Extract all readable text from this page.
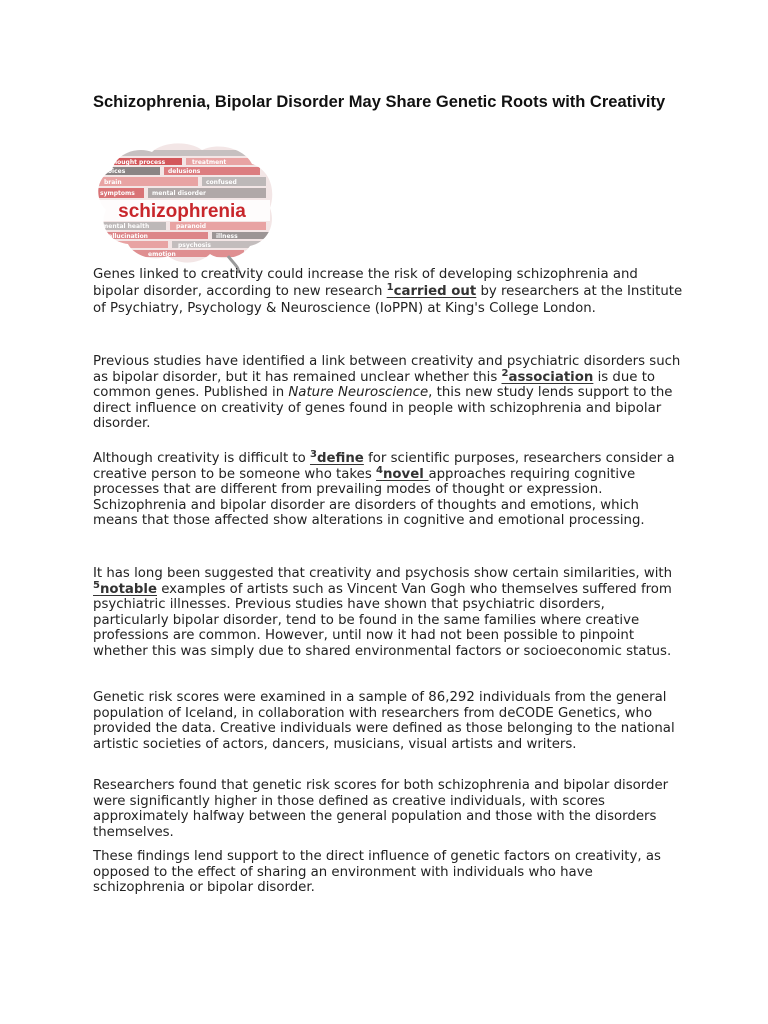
Schizophrenia, Bipolar Disorder May Share Genetic Roots with Creativity
thought process	treatment
delusions
voices
confused
mental disorder
symptoms
brain
paranoid
mental health
hallucination
psychosis
illness
emotion
schizophrenia

Genes linked to creativity could increase the risk of developing schizophrenia and bipolar disorder, according to new research $^1$carried out by researchers at the Institute of Psychiatry, Psychology & Neuroscience (IoPPN) at King's College London.

Previous studies have identified a link between creativity and psychiatric disorders such as bipolar disorder, but it has remained unclear whether this $^2$association is due to common genes. Published in Nature Neuroscience, this new study lends support to the direct influence on creativity of genes found in people with schizophrenia and bipolar disorder.

Although creativity is difficult to $^3$define for scientific purposes, researchers consider a creative person to be someone who takes $^4$novel approaches requiring cognitive processes that are different from prevailing modes of thought or expression. Schizophrenia and bipolar disorder are disorders of thoughts and emotions, which means that those affected show alterations in cognitive and emotional processing.

It has long been suggested that creativity and psychosis show certain similarities, with $^5$notable examples of artists such as Vincent Van Gogh who themselves suffered from psychiatric illnesses. Previous studies have shown that psychiatric disorders, particularly bipolar disorder, tend to be found in the same families where creative professions are common. However, until now it had not been possible to pinpoint whether this was simply due to shared environmental factors or socioeconomic status.

Genetic risk scores were examined in a sample of 86,292 individuals from the general population of Iceland, in collaboration with researchers from deCODE Genetics, who provided the data. Creative individuals were defined as those belonging to the national artistic societies of actors, dancers, musicians, visual artists and writers.

Researchers found that genetic risk scores for both schizophrenia and bipolar disorder were significantly higher in those defined as creative individuals, with scores approximately halfway between the general population and those with the disorders themselves.

These findings lend support to the direct influence of genetic factors on creativity, as opposed to the effect of sharing an environment with individuals who have schizophrenia or bipolar disorder.
